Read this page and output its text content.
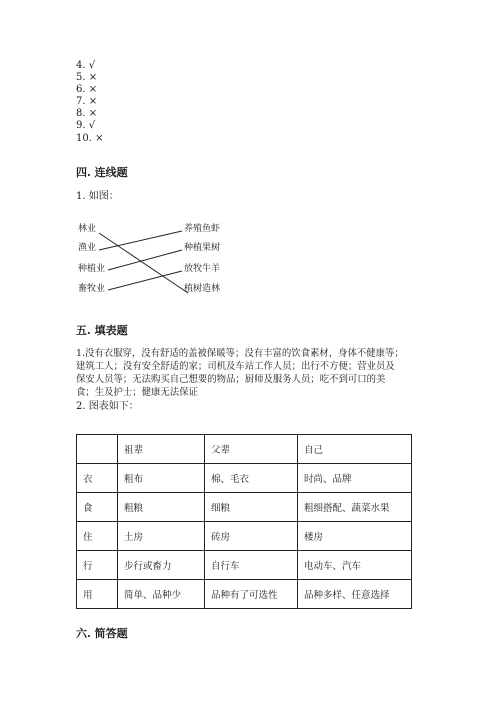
4. √
5. ×
6. ×
7. ×
8. ×
9. √
10. ×
四. 连线题
1. 如图：
林业
渔业
种植业
畜牧业
养殖鱼虾
种植果树
放牧牛羊
植树造林
五. 填表题
1.没有衣服穿，没有舒适的盖被保暖等；没有丰富的饮食素材，身体不健康等；
建筑工人；没有安全舒适的家；司机及车站工作人员；出行不方便；营业员及
保安人员等；无法购买自己想要的物品；厨师及服务人员；吃不到可口的美
食；生及护士；健康无法保证
2. 图表如下：
	祖辈	父辈	自己
衣	粗布	棉、毛衣	时尚、品牌
食	粗粮	细粮	粗细搭配、蔬菜水果
住	土房	砖房	楼房
行	步行或畜力	自行车	电动车、汽车
用	简单、品种少	品种有了可选性	品种多样、任意选择
六. 简答题
